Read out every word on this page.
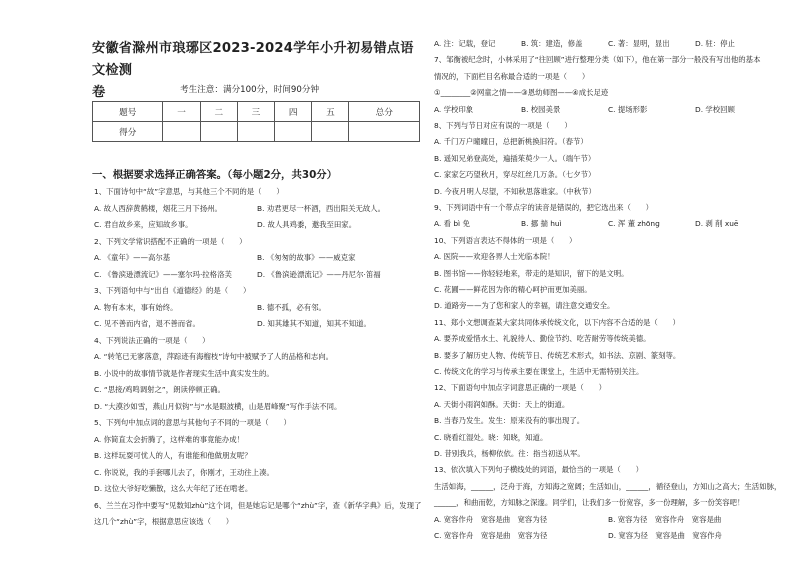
安徽省滁州市琅琊区2023-2024学年小升初易错点语文检测
卷	考生注意：满分100分，时间90分钟
题号	一	二	三	四	五	总分
得分						
一、根据要求选择正确答案。（每小题2分，共30分）
1、下面诗句中“故”字意思，与其他三个不同的是（　　）
A. 故人西辞黄鹤楼，烟花三月下扬州。	B. 劝君更尽一杯酒，西出阳关无故人。
C. 君自故乡来，应知故乡事。	D. 故人具鸡黍，邀我至田家。
2、下列文学常识搭配不正确的一项是（　　）
A. 《童年》——高尔基	B. 《匆匆的故事》——威克家
C. 《鲁滨逊漂流记》——塞尔玛·拉格洛芙	D. 《鲁滨逊漂流记》——丹尼尔·笛福
3、下列语句中与“出自《道德经》的是（　　）
A. 物有本末，事有始终。	B. 德不孤，必有邻。
C. 见不善而内省，退不善而省。	D. 知其雄其不知道，知其不知道。
4、下列说法正确的一项是（　　）
A. “转笔已无寥落意，萍踪迹有海榴枝”诗句中被赋予了人的品格和志向。
B. 小说中的故事情节就是作者现实生活中真实发生的。
C. “思接/鸡鸣调射之”，朗读停顿正确。
D. “大漠沙如雪，燕山月似钩”与“水是眼波横，山是眉峰聚”写作手法不同。
5、下列句中加点词的意思与其他句子不同的一项是（　　）
A. 你简直太会折腾了，这样难的事竟能办成！
B. 这样玩耍可忧人的人，有谁能和他做朋友呢？
C. 你说说，我的手套哪儿去了，你刚才，王动往上凑。
D. 这位大爷好吃懒散，这么大年纪了还在啃老。
6、兰兰在习作中要写“见数知zhù”这个词，但是她忘记是哪个“zhù”字，查《新华字典》后，发现了
这几个“zhù”字，根据意思应该选（　　）
A. 注：记载，登记	B. 筑：建造，修盖	C. 著：显明，显出	D. 驻：停止
7、邹衡被纪念时，小林采用了“往回顾”进行整理分类（如下），他在第一部分一般没有写出他的基本
情况的，下面栏目名称最合适的一项是（　　）
①________②网童之情——③恩幼师图——④成长足迹
A. 学校印象	B. 校园美景	C. 提场形影	D. 学校回顾
8、下列与节日对应有误的一项是（　　）
A. 千门万户曈曈日，总把新桃换旧符。（春节）
B. 遥知兄弟登高处，遍插茱萸少一人。（端午节）
C. 家家乞巧望秋月，穿尽红丝几万条。（七夕节）
D. 今夜月明人尽望，不知秋思落谁家。（中秋节）
9、下列词语中有一个带点字的读音是错误的，把它选出来（　　）
A. 看 bì 免	B. 挪 揣 huì	C. 浑 董 zhōng	D. 剥 削 xuē
10、下列语言表达不得体的一项是（　　）
A. 医院——欢迎各界人士光临本院！
B. 图书馆——你轻轻地来，带走的是知识，留下的是文明。
C. 花圃——鲜花因为你的精心呵护而更加美丽。
D. 道路旁——为了您和家人的幸福，请注意交通安全。
11、郑小文想调查某大家共同体承传统文化，以下内容不合适的是（　　）
A. 要养成爱惜水土、礼貌待人、勤俭节约、吃苦耐劳等传统美德。
B. 要多了解历史人物、传统节日、传统艺术形式，如书法、京剧、篆刻等。
C. 传统文化的学习与传承主要在课堂上，生活中无需特别关注。
12、下面语句中加点字词意思正确的一项是（　　）
A. 天街小雨润如酥。天街：天上的街道。
B. 当春乃发生。发生：原来没有的事出现了。
C. 晓看红湿处。晓：知晓，知道。
D. 昔别我兵，杨柳依依。往：指当初送从军。
13、依次填入下列句子横线处的词语，最恰当的一项是（　　）
生活如海，______，泛舟于海，方知海之宽阔；生活如山，______，循径登山，方知山之高大；生活如脉，
______，和曲而乾，方知脉之深邃。同学们，让我们多一份宽容，多一份理解，多一份笑容吧！
A. 宽容作舟　宽容是曲　宽容为径	B. 宽容为径　宽容作舟　宽容是曲
C. 宽容作舟　宽容是曲　宽容为径	D. 宽容为径　宽容是曲　宽容作舟
